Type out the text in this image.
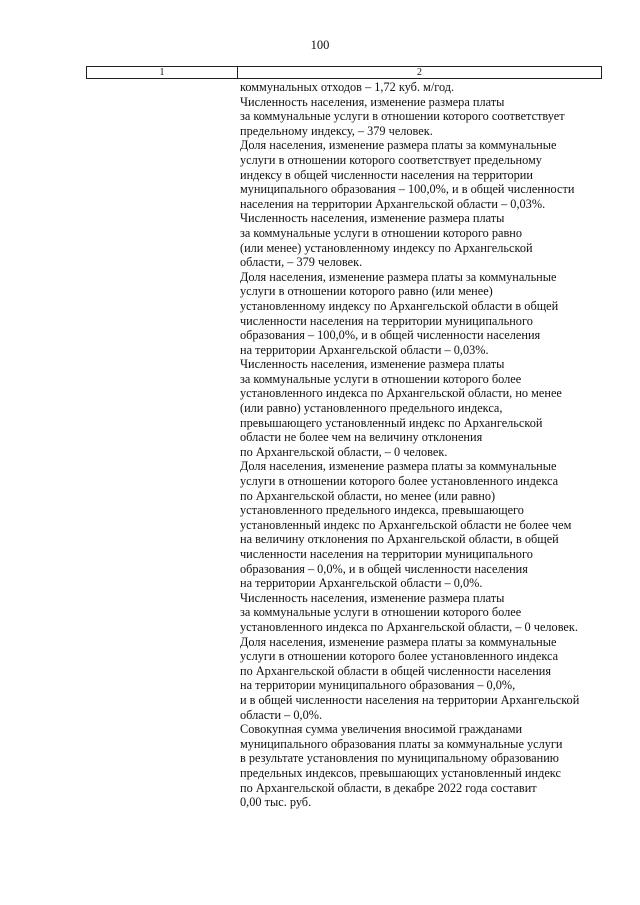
100
1	2
коммунальных отходов – 1,72 куб. м/год.
Численность населения, изменение размера платы
за коммунальные услуги в отношении которого соответствует
предельному индексу, – 379 человек.
Доля населения, изменение размера платы за коммунальные
услуги в отношении которого соответствует предельному
индексу в общей численности населения на территории
муниципального образования – 100,0%, и в общей численности
населения на территории Архангельской области – 0,03%.
Численность населения, изменение размера платы
за коммунальные услуги в отношении которого равно
(или менее) установленному индексу по Архангельской
области, – 379 человек.
Доля населения, изменение размера платы за коммунальные
услуги в отношении которого равно (или менее)
установленному индексу по Архангельской области в общей
численности населения на территории муниципального
образования – 100,0%, и в общей численности населения
на территории Архангельской области – 0,03%.
Численность населения, изменение размера платы
за коммунальные услуги в отношении которого более
установленного индекса по Архангельской области, но менее
(или равно) установленного предельного индекса,
превышающего установленный индекс по Архангельской
области не более чем на величину отклонения
по Архангельской области, – 0 человек.
Доля населения, изменение размера платы за коммунальные
услуги в отношении которого более установленного индекса
по Архангельской области, но менее (или равно)
установленного предельного индекса, превышающего
установленный индекс по Архангельской области не более чем
на величину отклонения по Архангельской области, в общей
численности населения на территории муниципального
образования – 0,0%, и в общей численности населения
на территории Архангельской области – 0,0%.
Численность населения, изменение размера платы
за коммунальные услуги в отношении которого более
установленного индекса по Архангельской области, – 0 человек.
Доля населения, изменение размера платы за коммунальные
услуги в отношении которого более установленного индекса
по Архангельской области в общей численности населения
на территории муниципального образования – 0,0%,
и в общей численности населения на территории Архангельской
области – 0,0%.
Совокупная сумма увеличения вносимой гражданами
муниципального образования платы за коммунальные услуги
в результате установления по муниципальному образованию
предельных индексов, превышающих установленный индекс
по Архангельской области, в декабре 2022 года составит
0,00 тыс. руб.
